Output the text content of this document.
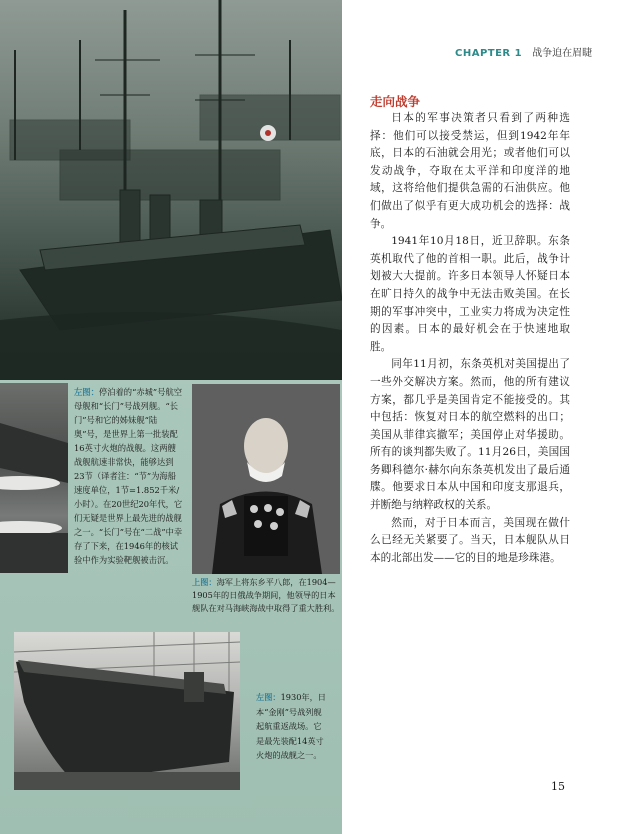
CHAPTER 1 战争迫在眉睫
走向战争

日本的军事决策者只看到了两种选择：他们可以接受禁运，但到1942年年底，日本的石油就会用光；或者他们可以发动战争，夺取在太平洋和印度洋的地域，这将给他们提供急需的石油供应。他们做出了似乎有更大成功机会的选择：战争。

1941年10月18日，近卫辞职。东条英机取代了他的首相一职。此后，战争计划被大大提前。许多日本领导人怀疑日本在旷日持久的战争中无法击败美国。在长期的军事冲突中，工业实力将成为决定性的因素。日本的最好机会在于快速地取胜。

同年11月初，东条英机对美国提出了一些外交解决方案。然而，他的所有建议方案，都几乎是美国肯定不能接受的。其中包括：恢复对日本的航空燃料的出口；美国从菲律宾撤军；美国停止对华援助。所有的谈判都失败了。11月26日，美国国务卿科德尔·赫尔向东条英机发出了最后通牒。他要求日本从中国和印度支那退兵，并断绝与纳粹政权的关系。

然而，对于日本而言，美国现在做什么已经无关紧要了。当天，日本舰队从日本的北部出发——它的目的地是珍珠港。

左图：停泊着的“赤城”号航空母舰和“长门”号战列舰。“长门”号和它的姊妹舰“陆奥”号，是世界上第一批装配16英寸火炮的战舰。这两艘战舰航速非常快，能够达到23节（译者注：“节”为海船速度单位，1节=1.852千米/小时）。在20世纪20年代，它们无疑是世界上最先进的战舰之一。“长门”号在“二战”中幸存了下来，在1946年的核试验中作为实验靶舰被击沉。
上图：海军上将东乡平八郎，在1904—1905年的日俄战争期间，他领导的日本舰队在对马海峡海战中取得了重大胜利。
左图：1930年，日本“金刚”号战列舰起航重返战场。它是最先装配14英寸火炮的战舰之一。
15
